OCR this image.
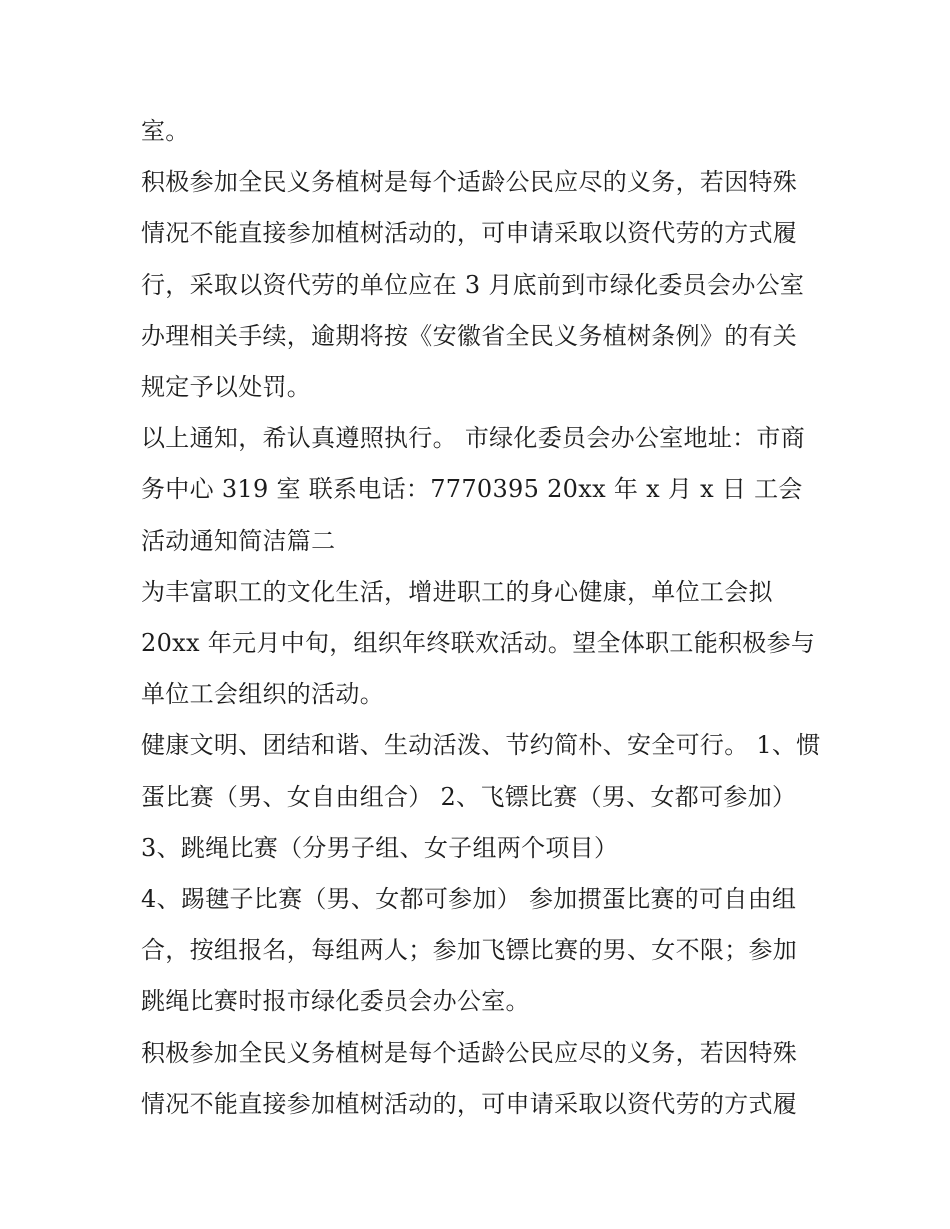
室。

积极参加全民义务植树是每个适龄公民应尽的义务，若因特殊情况不能直接参加植树活动的，可申请采取以资代劳的方式履行，采取以资代劳的单位应在 3 月底前到市绿化委员会办公室办理相关手续，逾期将按《安徽省全民义务植树条例》的有关规定予以处罚。

以上通知，希认真遵照执行。 市绿化委员会办公室地址：市商务中心 319 室 联系电话：7770395 20xx 年 x 月 x 日 工会活动通知简洁篇二

为丰富职工的文化生活，增进职工的身心健康，单位工会拟 20xx 年元月中旬，组织年终联欢活动。望全体职工能积极参与单位工会组织的活动。

健康文明、团结和谐、生动活泼、节约简朴、安全可行。 1、惯蛋比赛（男、女自由组合） 2、飞镖比赛（男、女都可参加） 3、跳绳比赛（分男子组、女子组两个项目）

4、踢毽子比赛（男、女都可参加） 参加掼蛋比赛的可自由组合，按组报名，每组两人；参加飞镖比赛的男、女不限；参加跳绳比赛时报市绿化委员会办公室。

积极参加全民义务植树是每个适龄公民应尽的义务，若因特殊情况不能直接参加植树活动的，可申请采取以资代劳的方式履
